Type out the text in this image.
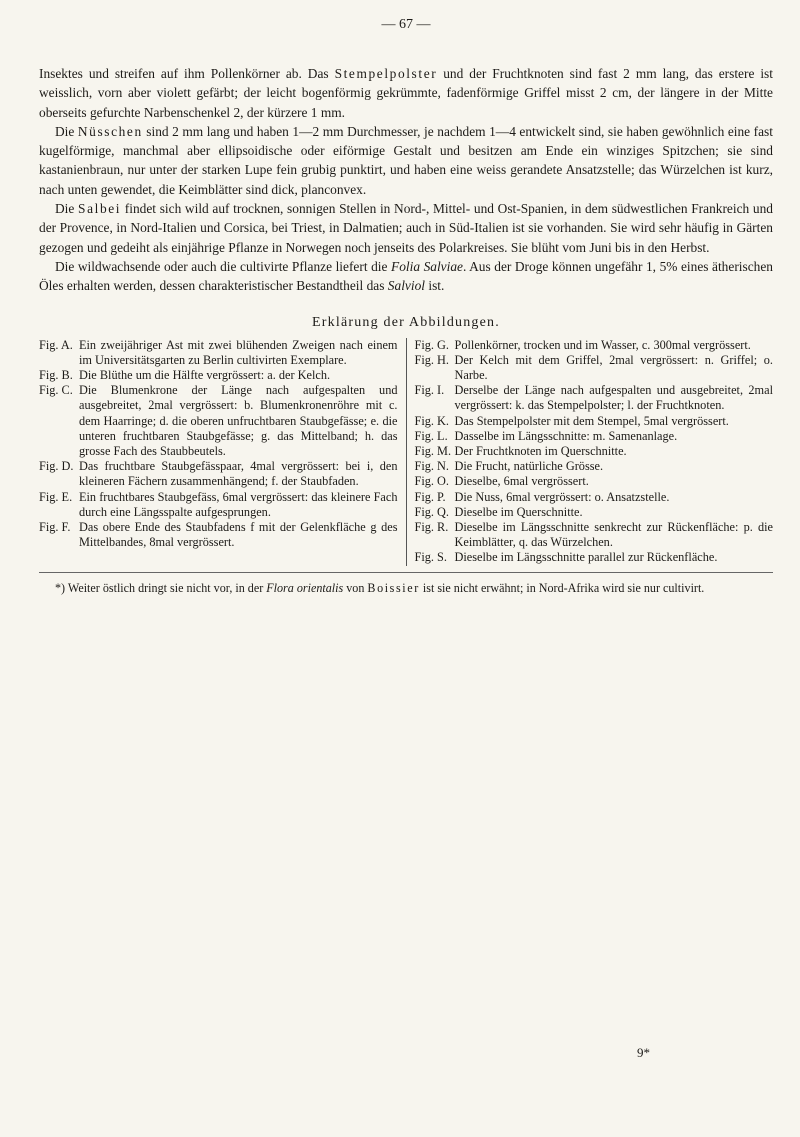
— 67 —

Insektes und streifen auf ihm Pollenkörner ab. Das Stempelpolster und der Fruchtknoten sind fast 2 mm lang, das erstere ist weisslich, vorn aber violett gefärbt; der leicht bogenförmig gekrümmte, fadenförmige Griffel misst 2 cm, der längere in der Mitte oberseits gefurchte Narbenschenkel 2, der kürzere 1 mm.

Die Nüsschen sind 2 mm lang und haben 1—2 mm Durchmesser, je nachdem 1—4 entwickelt sind, sie haben gewöhnlich eine fast kugelförmige, manchmal aber ellipsoidische oder eiförmige Gestalt und besitzen am Ende ein winziges Spitzchen; sie sind kastanienbraun, nur unter der starken Lupe fein grubig punktirt, und haben eine weiss gerandete Ansatzstelle; das Würzelchen ist kurz, nach unten gewendet, die Keimblätter sind dick, planconvex.

Die Salbei findet sich wild auf trocknen, sonnigen Stellen in Nord-, Mittel- und Ost-Spanien, in dem südwestlichen Frankreich und der Provence, in Nord-Italien und Corsica, bei Triest, in Dalmatien; auch in Süd-Italien ist sie vorhanden. Sie wird sehr häufig in Gärten gezogen und gedeiht als einjährige Pflanze in Norwegen noch jenseits des Polarkreises. Sie blüht vom Juni bis in den Herbst.

Die wildwachsende oder auch die cultivirte Pflanze liefert die Folia Salviae. Aus der Droge können ungefähr 1, 5% eines ätherischen Öles erhalten werden, dessen charakteristischer Bestandtheil das Salviol ist.

Erklärung der Abbildungen.
Fig. A. Ein zweijähriger Ast mit zwei blühenden Zweigen nach einem im Universitätsgarten zu Berlin cultivirten Exemplare.
Fig. B. Die Blüthe um die Hälfte vergrössert: a. der Kelch.
Fig. C. Die Blumenkrone der Länge nach aufgespalten und ausgebreitet, 2mal vergrössert: b. Blumenkronenröhre mit c. dem Haarringe; d. die oberen unfruchtbaren Staubgefässe; e. die unteren fruchtbaren Staubgefässe; g. das Mittelband; h. das grosse Fach des Staubbeutels.
Fig. D. Das fruchtbare Staubgefässpaar, 4mal vergrössert: bei i, den kleineren Fächern zusammenhängend; f. der Staubfaden.
Fig. E. Ein fruchtbares Staubgefäss, 6mal vergrössert: das kleinere Fach durch eine Längsspalte aufgesprungen.
Fig. F. Das obere Ende des Staubfadens f mit der Gelenkfläche g des Mittelbandes, 8mal vergrössert.
Fig. G. Pollenkörner, trocken und im Wasser, c. 300mal vergrössert.
Fig. H. Der Kelch mit dem Griffel, 2mal vergrössert: n. Griffel; o. Narbe.
Fig. I. Derselbe der Länge nach aufgespalten und ausgebreitet, 2mal vergrössert: k. das Stempelpolster; l. der Fruchtknoten.
Fig. K. Das Stempelpolster mit dem Stempel, 5mal vergrössert.
Fig. L. Dasselbe im Längsschnitte: m. Samenanlage.
Fig. M. Der Fruchtknoten im Querschnitte.
Fig. N. Die Frucht, natürliche Grösse.
Fig. O. Dieselbe, 6mal vergrössert.
Fig. P. Die Nuss, 6mal vergrössert: o. Ansatzstelle.
Fig. Q. Dieselbe im Querschnitte.
Fig. R. Dieselbe im Längsschnitte senkrecht zur Rückenfläche: p. die Keimblätter, q. das Würzelchen.
Fig. S. Dieselbe im Längsschnitte parallel zur Rückenfläche.
*) Weiter östlich dringt sie nicht vor, in der Flora orientalis von Boissier ist sie nicht erwähnt; in Nord-Afrika wird sie nur cultivirt.
9*
